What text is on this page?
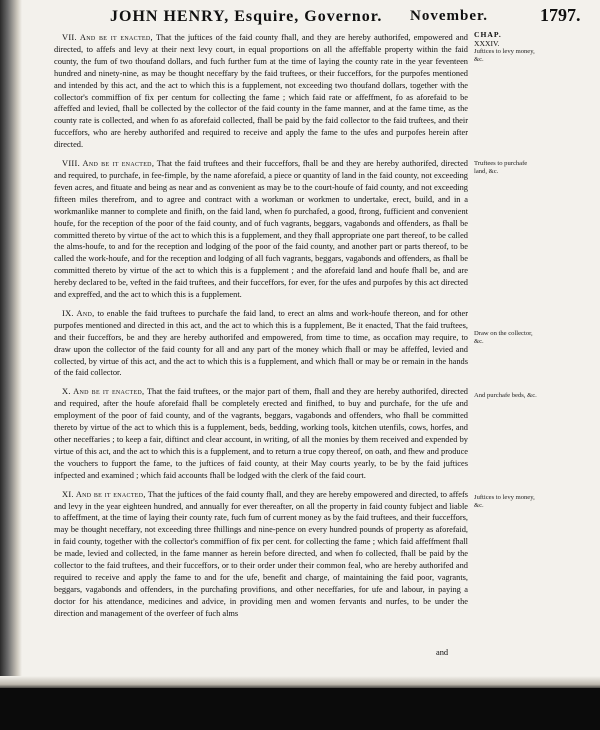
JOHN HENRY, Esquire, Governor. November.	1797.
CHAP.
XXXIV.
Juftices to levy money, &c.
Truftees to purchafe land, &c.
Draw on the collector, &c.
And purchafe beds, &c.
Juftices to levy money, &c.

VII. And be it enacted, That the juftices of the faid county fhall, and they are hereby authorifed, empowered and directed, to affefs and levy at their next levy court, in equal proportions on all the affeffable property within the faid county, the fum of two thoufand dollars, and fuch further fum at the time of laying the county rate in the year feventeen hundred and ninety-nine, as may be thought neceffary by the faid truftees, or their fucceffors, for the purpofes mentioned and intended by this act, and the act to which this is a fupplement, not exceeding two thoufand dollars, together with the collector's commiffion of fix per centum for collecting the fame ; which faid rate or affeffment, fo as aforefaid to be affeffed and levied, fhall be collected by the collector of the faid county in the fame manner, and at the fame time, as the county rate is collected, and when fo as aforefaid collected, fhall be paid by the faid collector to the faid truftees, and their fucceffors, who are hereby authorifed and required to receive and apply the fame to the ufes and purpofes herein after directed.

VIII. And be it enacted, That the faid truftees and their fucceffors, fhall be and they are hereby authorifed, directed and required, to purchafe, in fee-fimple, by the name aforefaid, a piece or quantity of land in the faid county, not exceeding feven acres, and fituate and being as near and as convenient as may be to the court-houfe of faid county, and not exceeding fifteen miles therefrom, and to agree and contract with a workman or workmen to undertake, erect, build, and in a workmanlike manner to complete and finifh, on the faid land, when fo purchafed, a good, ftrong, fufficient and convenient houfe, for the reception of the poor of the faid county, and of fuch vagrants, beggars, vagabonds and offenders, as fhall be committed thereto by virtue of the act to which this is a fupplement, and they fhall appropriate one part thereof, to be called the alms-houfe, to and for the reception and lodging of the poor of the faid county, and another part or parts thereof, to be called the work-houfe, and for the reception and lodging of all fuch vagrants, beggars, vagabonds and offenders, as fhall be committed thereto by virtue of the act to which this is a fupplement ; and the aforefaid land and houfe fhall be, and are hereby declared to be, vefted in the faid truftees, and their fucceffors, for ever, for the ufes and purpofes by this act directed and expreffed, and the act to which this is a fupplement.

IX. And, to enable the faid truftees to purchafe the faid land, to erect an alms and work-houfe thereon, and for other purpofes mentioned and directed in this act, and the act to which this is a fupplement, Be it enacted, That the faid truftees, and their fucceffors, be and they are hereby authorifed and empowered, from time to time, as occafion may require, to draw upon the collector of the faid county for all and any part of the money which fhall or may be affeffed, levied and collected, by virtue of this act, and the act to which this is a fupplement, and which fhall or may be or remain in the hands of the faid collector.

X. And be it enacted, That the faid truftees, or the major part of them, fhall and they are hereby authorifed, directed and required, after the houfe aforefaid fhall be completely erected and finifhed, to buy and purchafe, for the ufe and employment of the poor of faid county, and of the vagrants, beggars, vagabonds and offenders, who fhall be committed thereto by virtue of the act to which this is a fupplement, beds, bedding, working tools, kitchen utenfils, cows, horfes, and other neceffaries ; to keep a fair, diftinct and clear account, in writing, of all the monies by them received and expended by virtue of this act, and the act to which this is a fupplement, and to return a true copy thereof, on oath, and fhew and produce the vouchers to fupport the fame, to the juftices of faid county, at their May courts yearly, to be by the faid juftices infpected and examined ; which faid accounts fhall be lodged with the clerk of the faid court.

XI. And be it enacted, That the juftices of the faid county fhall, and they are hereby empowered and directed, to affefs and levy in the year eighteen hundred, and annually for ever thereafter, on all the property in faid county fubject and liable to affeffment, at the time of laying their county rate, fuch fum of current money as by the faid truftees, and their fucceffors, may be thought neceffary, not exceeding three fhillings and nine-pence on every hundred pounds of property as aforefaid, in faid county, together with the collector's commiffion of fix per cent. for collecting the fame ; which faid affeffment fhall be made, levied and collected, in the fame manner as herein before directed, and when fo collected, fhall be paid by the collector to the faid truftees, and their fucceffors, or to their order under their common feal, who are hereby authorifed and required to receive and apply the fame to and for the ufe, benefit and charge, of maintaining the faid poor, vagrants, beggars, vagabonds and offenders, in the purchafing provifions, and other neceffaries, for ufe and labour, in paying a doctor for his attendance, medicines and advice, in providing men and women fervants and nurfes, to be under the direction and management of the overfeer of fuch alms

and
